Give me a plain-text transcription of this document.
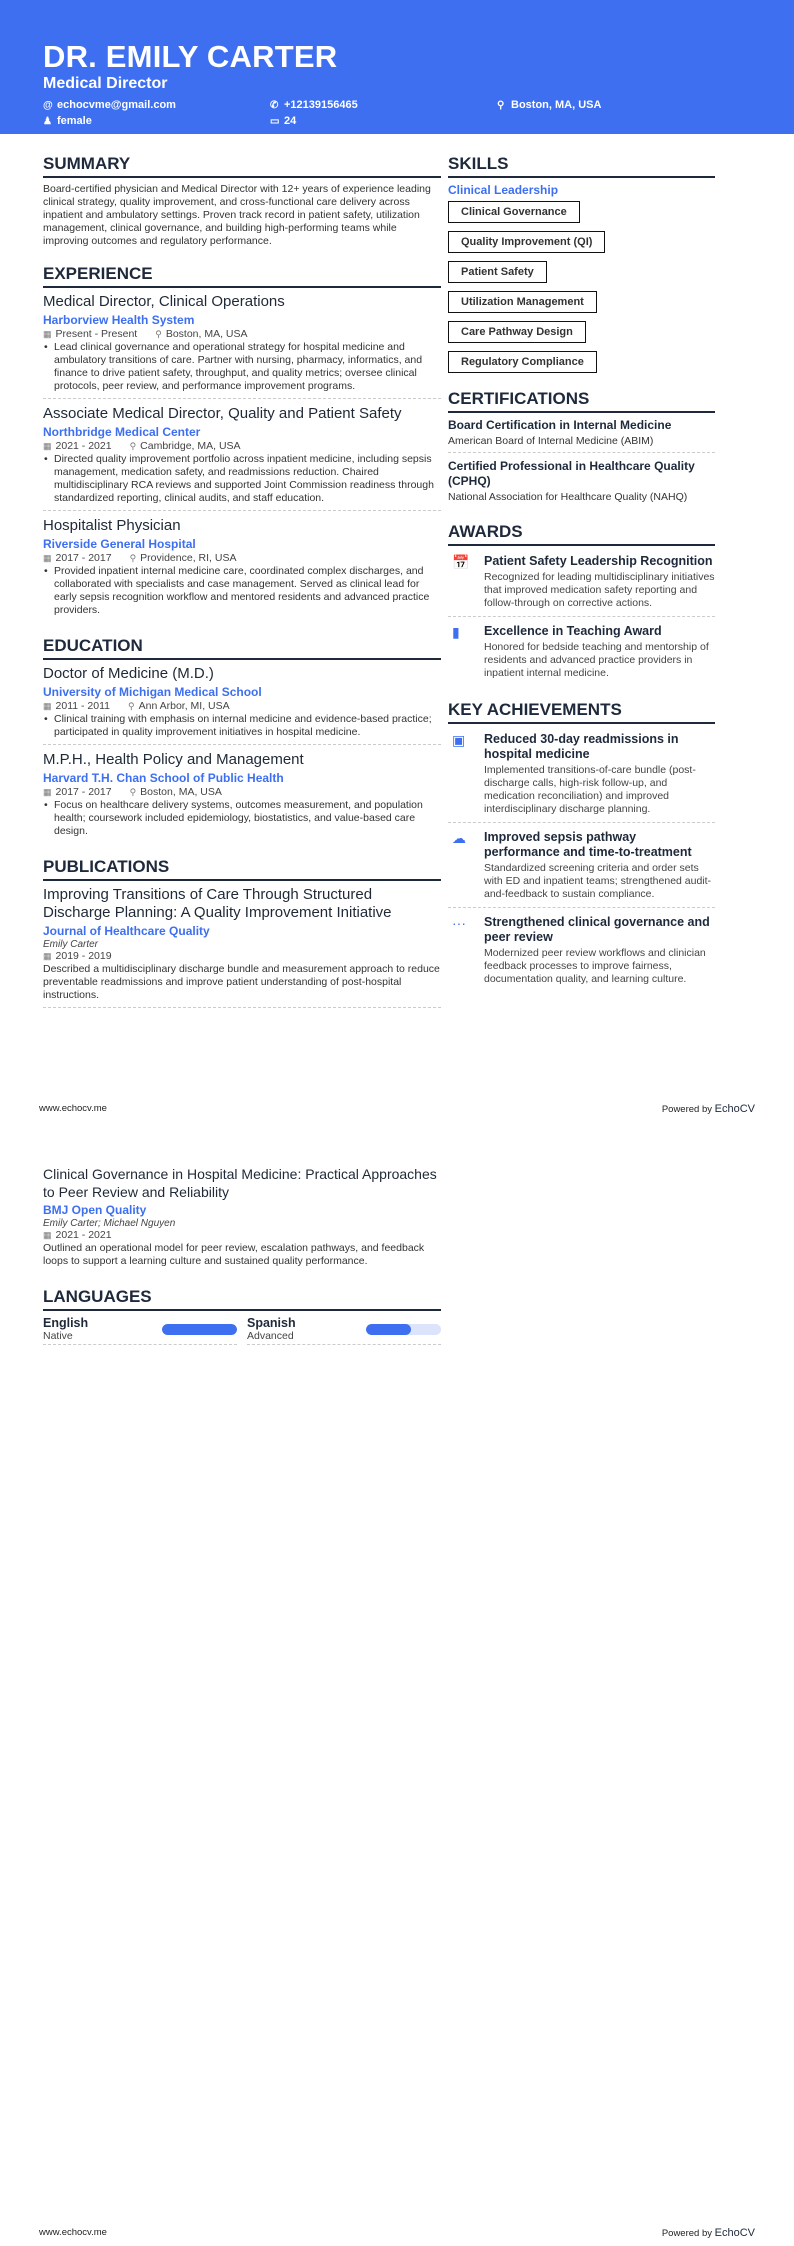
DR. EMILY CARTER
Medical Director
@ echocvme@gmail.com	✆ +12139156465	⚲ Boston, MA, USA
♟ female	▭ 24
SUMMARY

Board-certified physician and Medical Director with 12+ years of experience leading clinical strategy, quality improvement, and cross-functional care delivery across inpatient and ambulatory settings. Proven track record in patient safety, utilization management, clinical governance, and building high-performing teams while improving outcomes and regulatory performance.

EXPERIENCE
Medical Director, Clinical Operations
Harborview Health System
▦ Present - Present ⚲ Boston, MA, USA
• Lead clinical governance and operational strategy for hospital medicine and ambulatory transitions of care. Partner with nursing, pharmacy, informatics, and finance to drive patient safety, throughput, and quality metrics; oversee clinical protocols, peer review, and performance improvement programs.
Associate Medical Director, Quality and Patient Safety
Northbridge Medical Center
▦ 2021 - 2021 ⚲ Cambridge, MA, USA
• Directed quality improvement portfolio across inpatient medicine, including sepsis management, medication safety, and readmissions reduction. Chaired multidisciplinary RCA reviews and supported Joint Commission readiness through standardized reporting, clinical audits, and staff education.
Hospitalist Physician
Riverside General Hospital
▦ 2017 - 2017 ⚲ Providence, RI, USA
• Provided inpatient internal medicine care, coordinated complex discharges, and collaborated with specialists and case management. Served as clinical lead for early sepsis recognition workflow and mentored residents and advanced practice providers.
EDUCATION
Doctor of Medicine (M.D.)
University of Michigan Medical School
▦ 2011 - 2011 ⚲ Ann Arbor, MI, USA
• Clinical training with emphasis on internal medicine and evidence-based practice; participated in quality improvement initiatives in hospital medicine.
M.P.H., Health Policy and Management
Harvard T.H. Chan School of Public Health
▦ 2017 - 2017 ⚲ Boston, MA, USA
• Focus on healthcare delivery systems, outcomes measurement, and population health; coursework included epidemiology, biostatistics, and value-based care design.
PUBLICATIONS
Improving Transitions of Care Through Structured Discharge Planning: A Quality Improvement Initiative
Journal of Healthcare Quality
Emily Carter
▦ 2019 - 2019

Described a multidisciplinary discharge bundle and measurement approach to reduce preventable readmissions and improve patient understanding of post-hospital instructions.

SKILLS
Clinical Leadership
Clinical Governance
Quality Improvement (QI)
Patient Safety
Utilization Management
Care Pathway Design
Regulatory Compliance
CERTIFICATIONS
Board Certification in Internal Medicine
American Board of Internal Medicine (ABIM)
Certified Professional in Healthcare Quality (CPHQ)
National Association for Healthcare Quality (NAHQ)
AWARDS
📅 Patient Safety Leadership Recognition
Recognized for leading multidisciplinary initiatives that improved medication safety reporting and follow-through on corrective actions.
▮	Excellence in Teaching Award
Honored for bedside teaching and mentorship of residents and advanced practice providers in inpatient internal medicine.
KEY ACHIEVEMENTS
▣	Reduced 30-day readmissions in hospital medicine
Implemented transitions-of-care bundle (post-discharge calls, high-risk follow-up, and medication reconciliation) and improved interdisciplinary discharge planning.
☁	Improved sepsis pathway performance and time-to-treatment
Standardized screening criteria and order sets with ED and inpatient teams; strengthened audit-and-feedback to sustain compliance.
···	Strengthened clinical governance and peer review
Modernized peer review workflows and clinician feedback processes to improve fairness, documentation quality, and learning culture.
www.echocv.me	Powered by EchoCV
Clinical Governance in Hospital Medicine: Practical Approaches to Peer Review and Reliability
BMJ Open Quality
Emily Carter; Michael Nguyen
▦ 2021 - 2021

Outlined an operational model for peer review, escalation pathways, and feedback loops to support a learning culture and sustained quality performance.

LANGUAGES
English
Native
Spanish
Advanced
www.echocv.me	Powered by EchoCV
